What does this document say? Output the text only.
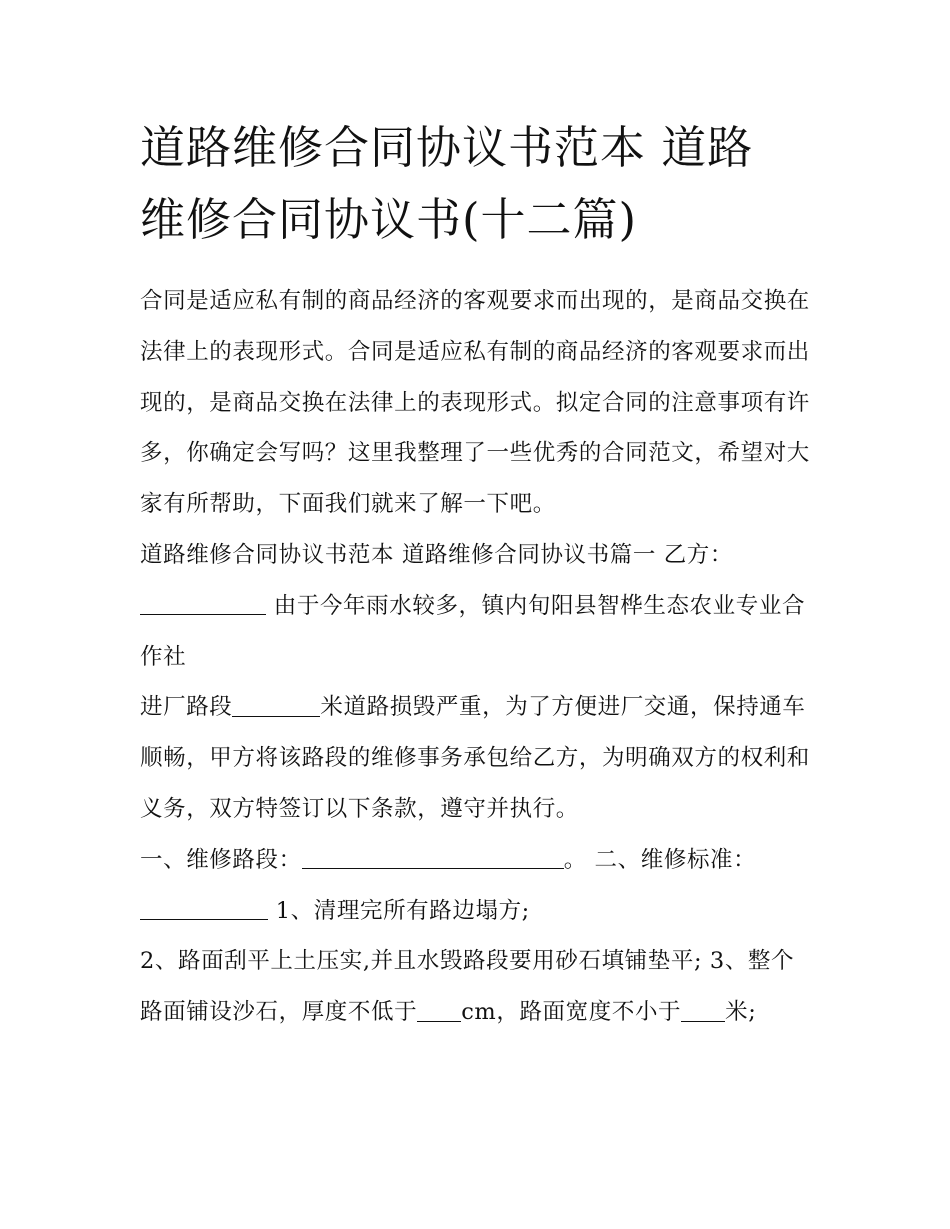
道路维修合同协议书范本 道路
维修合同协议书(十二篇)

合同是适应私有制的商品经济的客观要求而出现的，是商品交换在法律上的表现形式。合同是适应私有制的商品经济的客观要求而出现的，是商品交换在法律上的表现形式。拟定合同的注意事项有许多，你确定会写吗？这里我整理了一些优秀的合同范文，希望对大家有所帮助，下面我们就来了解一下吧。

道路维修合同协议书范本 道路维修合同协议书篇一 乙方： 由于今年雨水较多，镇内旬阳县智桦生态农业专业合作社

进厂路段	米道路损毁严重，为了方便进厂交通，保持通车顺畅，甲方将该路段的维修事务承包给乙方，为明确双方的权利和义务，双方特签订以下条款，遵守并执行。

一、维修路段：	。 二、维修标准：

1、清理完所有路边塌方;

2、路面刮平上土压实,并且水毁路段要用砂石填铺垫平; 3、整个路面铺设沙石，厚度不低于 cm，路面宽度不小于 米;
